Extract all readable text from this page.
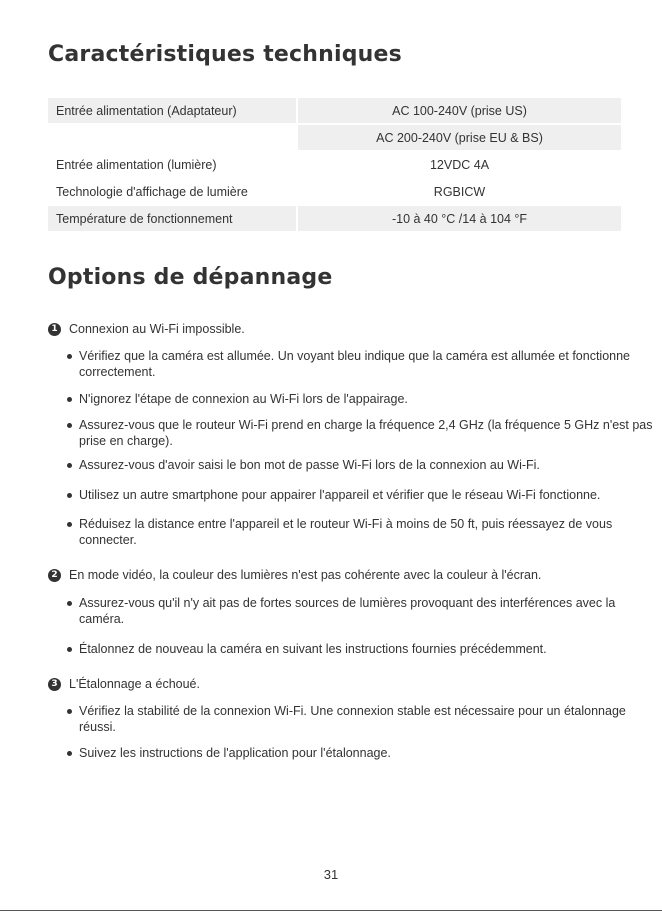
Caractéristiques techniques
Entrée alimentation (Adaptateur)		AC 100-240V (prise US)

		AC 200-240V (prise EU & BS)

Entrée alimentation (lumière)		12VDC 4A

Technologie d'affichage de lumière		RGBICW

Température de fonctionnement		-10 à 40 °C /14 à 104 °F
Options de dépannage
1 Connexion au Wi-Fi impossible.
Vérifiez que la caméra est allumée. Un voyant bleu indique que la caméra est allumée et fonctionne correctement.
N'ignorez l'étape de connexion au Wi-Fi lors de l'appairage.
Assurez-vous que le routeur Wi-Fi prend en charge la fréquence 2,4 GHz (la fréquence 5 GHz n'est pas prise en charge).
Assurez-vous d'avoir saisi le bon mot de passe Wi-Fi lors de la connexion au Wi-Fi.
Utilisez un autre smartphone pour appairer l'appareil et vérifier que le réseau Wi-Fi fonctionne.
Réduisez la distance entre l'appareil et le routeur Wi-Fi à moins de 50 ft, puis réessayez de vous connecter.
2 En mode vidéo, la couleur des lumières n'est pas cohérente avec la couleur à l'écran.
Assurez-vous qu'il n'y ait pas de fortes sources de lumières provoquant des interférences avec la caméra.
Étalonnez de nouveau la caméra en suivant les instructions fournies précédemment.
3 L'Étalonnage a échoué.
Vérifiez la stabilité de la connexion Wi-Fi. Une connexion stable est nécessaire pour un étalonnage réussi.
Suivez les instructions de l'application pour l'étalonnage.
31
